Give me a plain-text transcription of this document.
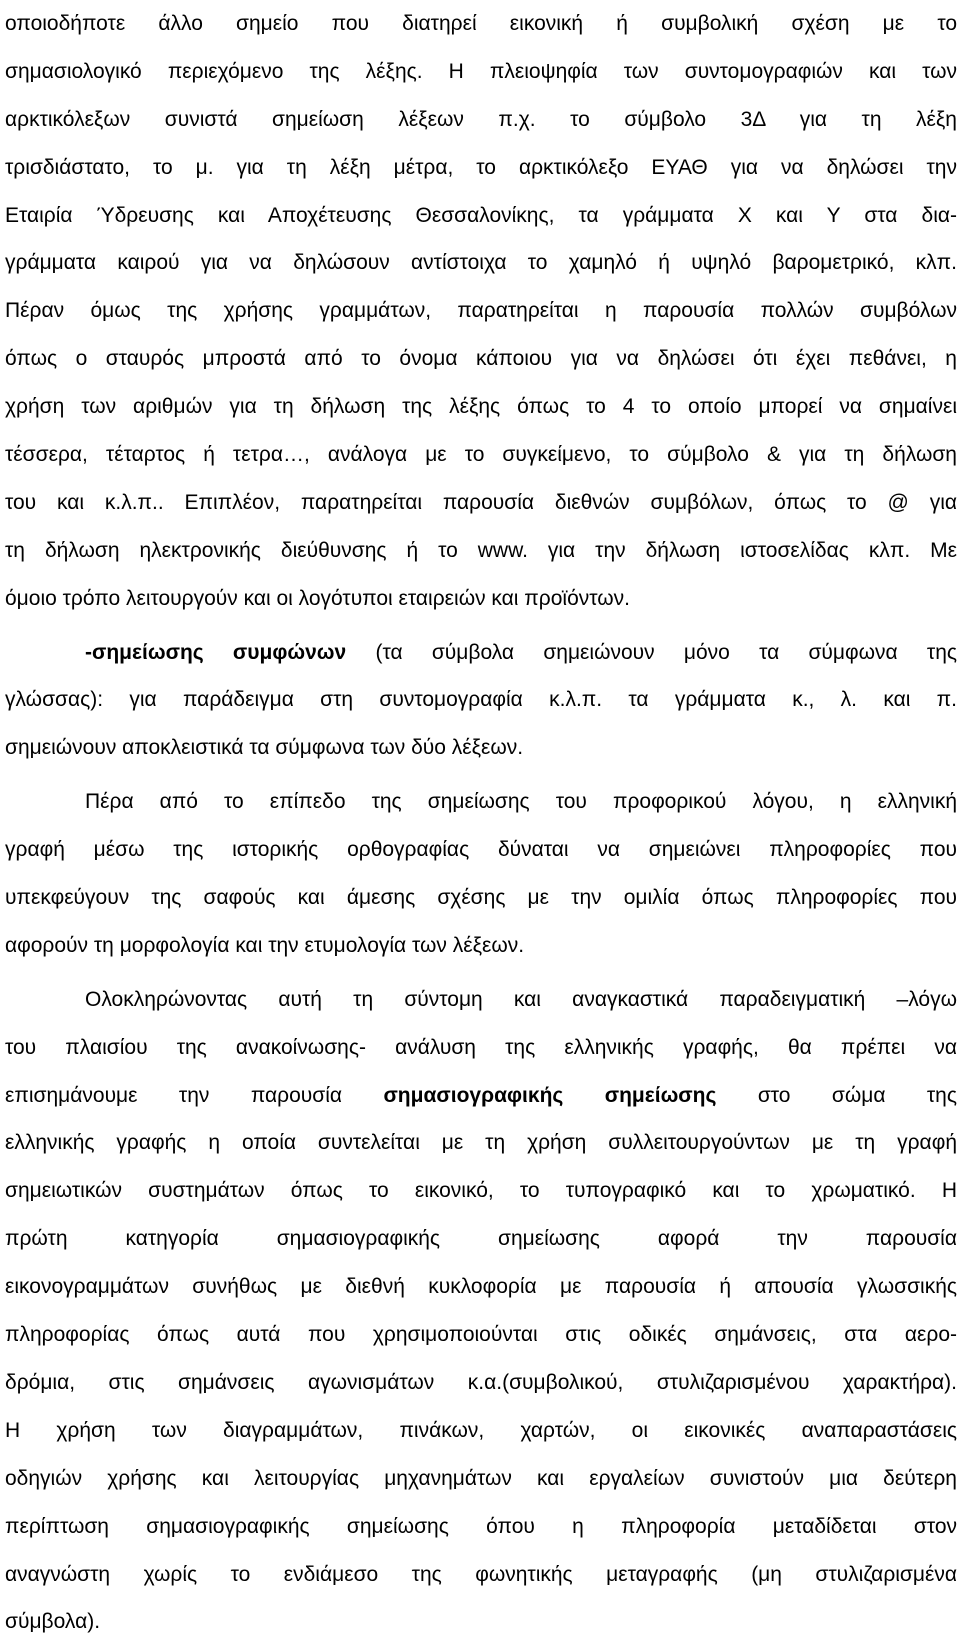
οποιοδήποτε άλλο σημείο που διατηρεί εικονική ή συμβολική σχέση με το
σημασιολογικό περιεχόμενο της λέξης. Η πλειοψηφία των συντομογραφιών και των
αρκτικόλεξων συνιστά σημείωση λέξεων π.χ. το σύμβολο 3Δ για τη λέξη
τρισδιάστατο, το μ. για τη λέξη μέτρα, το αρκτικόλεξο ΕΥΑΘ για να δηλώσει την
Εταιρία Ύδρευσης και Αποχέτευσης Θεσσαλονίκης, τα γράμματα Χ και Υ στα δια-
γράμματα καιρού για να δηλώσουν αντίστοιχα το χαμηλό ή υψηλό βαρομετρικό, κλπ.
Πέραν όμως της χρήσης γραμμάτων, παρατηρείται η παρουσία πολλών συμβόλων
όπως ο σταυρός μπροστά από το όνομα κάποιου για να δηλώσει ότι έχει πεθάνει, η
χρήση των αριθμών για τη δήλωση της λέξης όπως το 4 το οποίο μπορεί να σημαίνει
τέσσερα, τέταρτος ή τετρα…, ανάλογα με το συγκείμενο, το σύμβολο & για τη δήλωση
του και κ.λ.π.. Επιπλέον, παρατηρείται παρουσία διεθνών συμβόλων, όπως το @ για
τη δήλωση ηλεκτρονικής διεύθυνσης ή το www. για την δήλωση ιστοσελίδας κλπ. Με
όμοιο τρόπο λειτουργούν και οι λογότυποι εταιρειών και προϊόντων.
-σημείωσης συμφώνων (τα σύμβολα σημειώνουν μόνο τα σύμφωνα της
γλώσσας): για παράδειγμα στη συντομογραφία κ.λ.π. τα γράμματα κ., λ. και π.
σημειώνουν αποκλειστικά τα σύμφωνα των δύο λέξεων.
Πέρα από το επίπεδο της σημείωσης του προφορικού λόγου, η ελληνική
γραφή μέσω της ιστορικής ορθογραφίας δύναται να σημειώνει πληροφορίες που
υπεκφεύγουν της σαφούς και άμεσης σχέσης με την ομιλία όπως πληροφορίες που
αφορούν τη μορφολογία και την ετυμολογία των λέξεων.
Ολοκληρώνοντας αυτή τη σύντομη και αναγκαστικά παραδειγματική –λόγω
του πλαισίου της ανακοίνωσης- ανάλυση της ελληνικής γραφής, θα πρέπει να
επισημάνουμε την παρουσία σημασιογραφικής σημείωσης στο σώμα της
ελληνικής γραφής η οποία συντελείται με τη χρήση συλλειτουργούντων με τη γραφή
σημειωτικών συστημάτων όπως το εικονικό, το τυπογραφικό και το χρωματικό. Η
πρώτη κατηγορία σημασιογραφικής σημείωσης αφορά την παρουσία
εικονογραμμάτων συνήθως με διεθνή κυκλοφορία με παρουσία ή απουσία γλωσσικής
πληροφορίας όπως αυτά που χρησιμοποιούνται στις οδικές σημάνσεις, στα αερο-
δρόμια, στις σημάνσεις αγωνισμάτων κ.α.(συμβολικού, στυλιζαρισμένου χαρακτήρα).
Η χρήση των διαγραμμάτων, πινάκων, χαρτών, οι εικονικές αναπαραστάσεις
οδηγιών χρήσης και λειτουργίας μηχανημάτων και εργαλείων συνιστούν μια δεύτερη
περίπτωση σημασιογραφικής σημείωσης όπου η πληροφορία μεταδίδεται στον
αναγνώστη χωρίς το ενδιάμεσο της φωνητικής μεταγραφής (μη στυλιζαρισμένα
σύμβολα).
